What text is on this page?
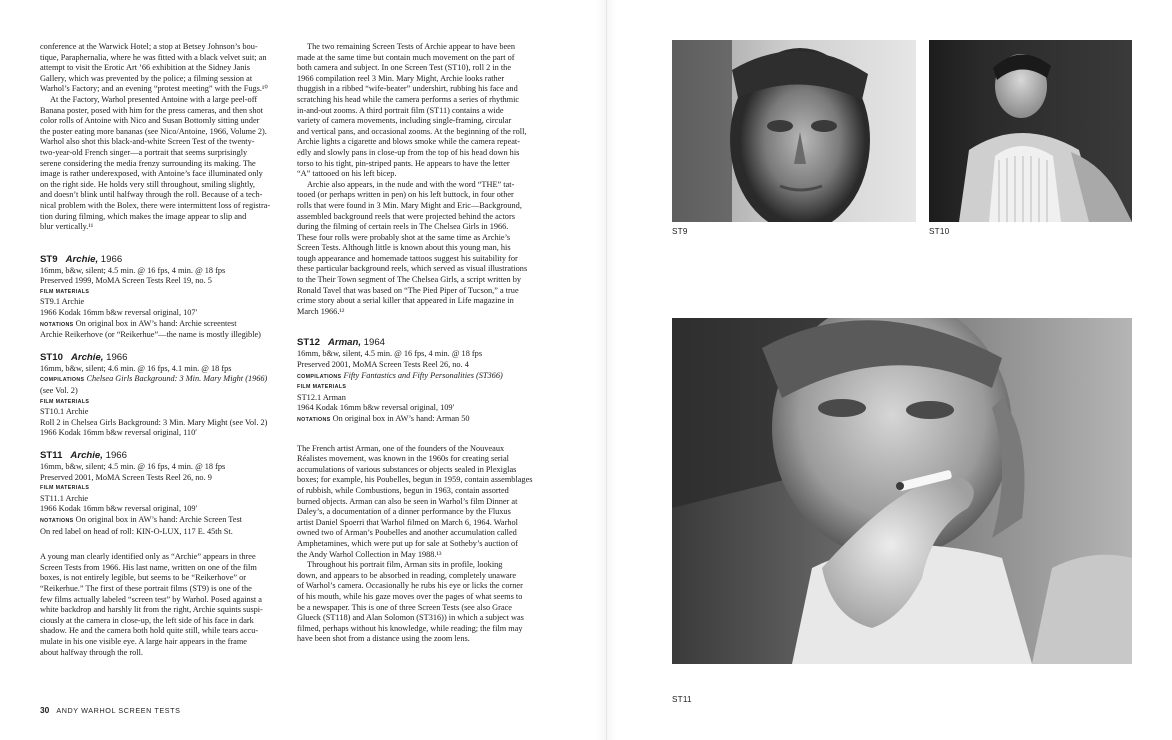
conference at the Warwick Hotel; a stop at Betsey Johnson’s bou-

tique, Paraphernalia, where he was fitted with a black velvet suit; an

attempt to visit the Erotic Art ’66 exhibition at the Sidney Janis

Gallery, which was prevented by the police; a filming session at

Warhol’s Factory; and an evening “protest meeting” with the Fugs.¹⁰

At the Factory, Warhol presented Antoine with a large peel-off

Banana poster, posed with him for the press cameras, and then shot

color rolls of Antoine with Nico and Susan Bottomly sitting under

the poster eating more bananas (see Nico/Antoine, 1966, Volume 2).

Warhol also shot this black-and-white Screen Test of the twenty-

two-year-old French singer—a portrait that seems surprisingly

serene considering the media frenzy surrounding its making. The

image is rather underexposed, with Antoine’s face illuminated only

on the right side. He holds very still throughout, smiling slightly,

and doesn’t blink until halfway through the roll. Because of a tech-

nical problem with the Bolex, there were intermittent loss of registra-

tion during filming, which makes the image appear to slip and

blur vertically.¹¹

ST9 Archie, 1966

16mm, b&w, silent; 4.5 min. @ 16 fps, 4 min. @ 18 fps

Preserved 1999, MoMA Screen Tests Reel 19, no. 5

FILM MATERIALS

ST9.1 Archie

1966 Kodak 16mm b&w reversal original, 107′

NOTATIONS On original box in AW’s hand: Archie screentest

Archie Reikerhove (or “Reikerhue”—the name is mostly illegible)

ST10 Archie, 1966

16mm, b&w, silent; 4.6 min. @ 16 fps, 4.1 min. @ 18 fps

COMPILATIONS Chelsea Girls Background: 3 Min. Mary Might (1966)

(see Vol. 2)

FILM MATERIALS

ST10.1 Archie

Roll 2 in Chelsea Girls Background: 3 Min. Mary Might (see Vol. 2)

1966 Kodak 16mm b&w reversal original, 110′

ST11 Archie, 1966

16mm, b&w, silent; 4.5 min. @ 16 fps, 4 min. @ 18 fps

Preserved 2001, MoMA Screen Tests Reel 26, no. 9

FILM MATERIALS

ST11.1 Archie

1966 Kodak 16mm b&w reversal original, 109′

NOTATIONS On original box in AW’s hand: Archie Screen Test

On red label on head of roll: KIN-O-LUX, 117 E. 45th St.

A young man clearly identified only as “Archie” appears in three

Screen Tests from 1966. His last name, written on one of the film

boxes, is not entirely legible, but seems to be “Reikerhove” or

“Reikerhue.” The first of these portrait films (ST9) is one of the

few films actually labeled “screen test” by Warhol. Posed against a

white backdrop and harshly lit from the right, Archie squints suspi-

ciously at the camera in close-up, the left side of his face in dark

shadow. He and the camera both hold quite still, while tears accu-

mulate in his one visible eye. A large hair appears in the frame

about halfway through the roll.

The two remaining Screen Tests of Archie appear to have been

made at the same time but contain much movement on the part of

both camera and subject. In one Screen Test (ST10), roll 2 in the

1966 compilation reel 3 Min. Mary Might, Archie looks rather

thuggish in a ribbed “wife-beater” undershirt, rubbing his face and

scratching his head while the camera performs a series of rhythmic

in-and-out zooms. A third portrait film (ST11) contains a wide

variety of camera movements, including single-framing, circular

and vertical pans, and occasional zooms. At the beginning of the roll,

Archie lights a cigarette and blows smoke while the camera repeat-

edly and slowly pans in close-up from the top of his head down his

torso to his tight, pin-striped pants. He appears to have the letter

“A” tattooed on his left bicep.

Archie also appears, in the nude and with the word “THE” tat-

tooed (or perhaps written in pen) on his left buttock, in four other

rolls that were found in 3 Min. Mary Might and Eric—Background,

assembled background reels that were projected behind the actors

during the filming of certain reels in The Chelsea Girls in 1966.

These four rolls were probably shot at the same time as Archie’s

Screen Tests. Although little is known about this young man, his

tough appearance and homemade tattoos suggest his suitability for

these particular background reels, which served as visual illustrations

to the Their Town segment of The Chelsea Girls, a script written by

Ronald Tavel that was based on “The Pied Piper of Tucson,” a true

crime story about a serial killer that appeared in Life magazine in

March 1966.¹²

ST12 Arman, 1964

16mm, b&w, silent, 4.5 min. @ 16 fps, 4 min. @ 18 fps

Preserved 2001, MoMA Screen Tests Reel 26, no. 4

COMPILATIONS Fifty Fantastics and Fifty Personalities (ST366)

FILM MATERIALS

ST12.1 Arman

1964 Kodak 16mm b&w reversal original, 109′

NOTATIONS On original box in AW’s hand: Arman 50

The French artist Arman, one of the founders of the Nouveaux

Réalistes movement, was known in the 1960s for creating serial

accumulations of various substances or objects sealed in Plexiglas

boxes; for example, his Poubelles, begun in 1959, contain assemblages

of rubbish, while Combustions, begun in 1963, contain assorted

burned objects. Arman can also be seen in Warhol’s film Dinner at

Daley’s, a documentation of a dinner performance by the Fluxus

artist Daniel Spoerri that Warhol filmed on March 6, 1964. Warhol

owned two of Arman’s Poubelles and another accumulation called

Amphetamines, which were put up for sale at Sotheby’s auction of

the Andy Warhol Collection in May 1988.¹³

Throughout his portrait film, Arman sits in profile, looking

down, and appears to be absorbed in reading, completely unaware

of Warhol’s camera. Occasionally he rubs his eye or licks the corner

of his mouth, while his gaze moves over the pages of what seems to

be a newspaper. This is one of three Screen Tests (see also Grace

Glueck (ST118) and Alan Solomon (ST316)) in which a subject was

filmed, perhaps without his knowledge, while reading; the film may

have been shot from a distance using the zoom lens.

30 ANDY WARHOL SCREEN TESTS
ST9	ST10
ST11
